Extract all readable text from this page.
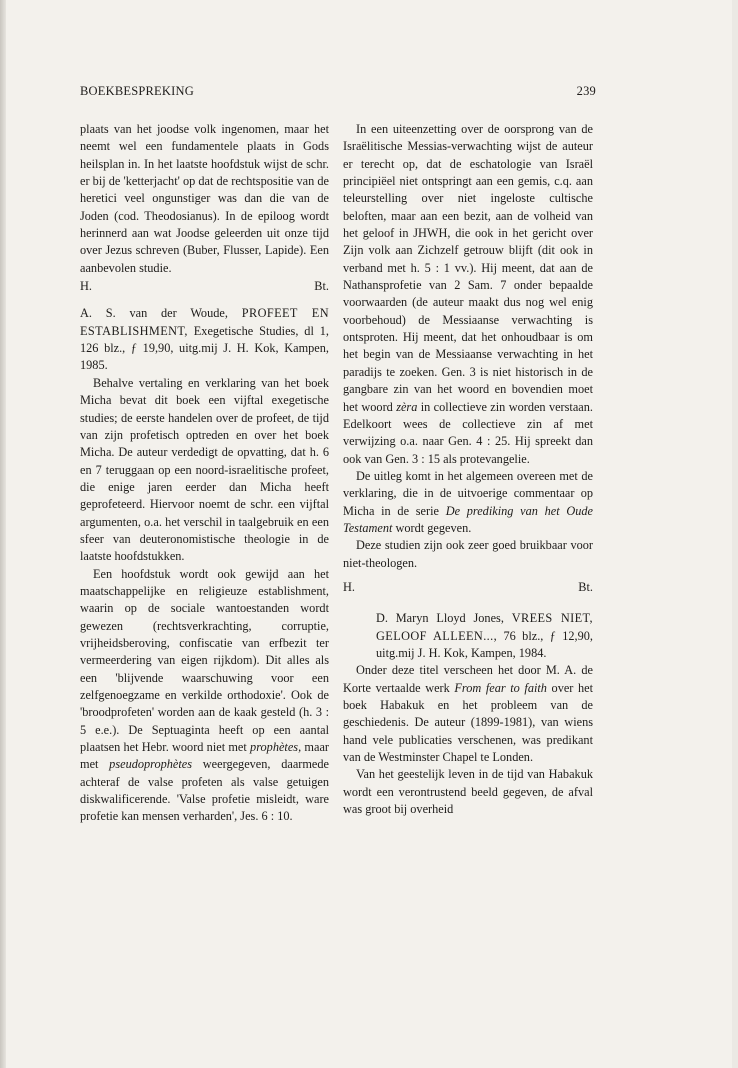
BOEKBESPREKING	239

plaats van het joodse volk ingenomen, maar het neemt wel een fundamentele plaats in Gods heilsplan in. In het laatste hoofdstuk wijst de schr. er bij de 'ketterjacht' op dat de rechtspositie van de heretici veel ongunstiger was dan die van de Joden (cod. Theodosianus). In de epiloog wordt herinnerd aan wat Joodse geleerden uit onze tijd over Jezus schreven (Buber, Flusser, Lapide). Een aanbevolen studie.

H.	Bt.

A. S. van der Woude, PROFEET EN ESTABLISHMENT, Exegetische Studies, dl 1, 126 blz., ƒ 19,90, uitg.mij J. H. Kok, Kampen, 1985.

Behalve vertaling en verklaring van het boek Micha bevat dit boek een vijftal exegetische studies; de eerste handelen over de profeet, de tijd van zijn profetisch optreden en over het boek Micha. De auteur verdedigt de opvatting, dat h. 6 en 7 teruggaan op een noord-israelitische profeet, die enige jaren eerder dan Micha heeft geprofeteerd. Hiervoor noemt de schr. een vijftal argumenten, o.a. het verschil in taalgebruik en een sfeer van deuteronomistische theologie in de laatste hoofdstukken.

Een hoofdstuk wordt ook gewijd aan het maatschappelijke en religieuze establishment, waarin op de sociale wantoestanden wordt gewezen (rechtsverkrachting, corruptie, vrijheidsberoving, confiscatie van erfbezit ter vermeerdering van eigen rijkdom). Dit alles als een 'blijvende waarschuwing voor een zelfgenoegzame en verkilde orthodoxie'. Ook de 'broodprofeten' worden aan de kaak gesteld (h. 3 : 5 e.e.). De Septuaginta heeft op een aantal plaatsen het Hebr. woord niet met prophètes, maar met pseudoprophètes weergegeven, daarmede achteraf de valse profeten als valse getuigen diskwalificerende. 'Valse profetie misleidt, ware profetie kan mensen verharden', Jes. 6 : 10.

In een uiteenzetting over de oorsprong van de Israëlitische Messias-verwachting wijst de auteur er terecht op, dat de eschatologie van Israël principiëel niet ontspringt aan een gemis, c.q. aan teleurstelling over niet ingeloste cultische beloften, maar aan een bezit, aan de volheid van het geloof in JHWH, die ook in het gericht over Zijn volk aan Zichzelf getrouw blijft (dit ook in verband met h. 5 : 1 vv.). Hij meent, dat aan de Nathansprofetie van 2 Sam. 7 onder bepaalde voorwaarden (de auteur maakt dus nog wel enig voorbehoud) de Messiaanse verwachting is ontsproten. Hij meent, dat het onhoudbaar is om het begin van de Messiaanse verwachting in het paradijs te zoeken. Gen. 3 is niet historisch in de gangbare zin van het woord en bovendien moet het woord zèra in collectieve zin worden verstaan. Edelkoort wees de collectieve zin af met verwijzing o.a. naar Gen. 4 : 25. Hij spreekt dan ook van Gen. 3 : 15 als protevangelie.

De uitleg komt in het algemeen overeen met de verklaring, die in de uitvoerige commentaar op Micha in de serie De prediking van het Oude Testament wordt gegeven.

Deze studien zijn ook zeer goed bruikbaar voor niet-theologen.

H.	Bt.

D. Maryn Lloyd Jones, VREES NIET, GELOOF ALLEEN..., 76 blz., ƒ 12,90, uitg.mij J. H. Kok, Kampen, 1984.

Onder deze titel verscheen het door M. A. de Korte vertaalde werk From fear to faith over het boek Habakuk en het probleem van de geschiedenis. De auteur (1899-1981), van wiens hand vele publicaties verschenen, was predikant van de Westminster Chapel te Londen.

Van het geestelijk leven in de tijd van Habakuk wordt een verontrustend beeld gegeven, de afval was groot bij overheid
